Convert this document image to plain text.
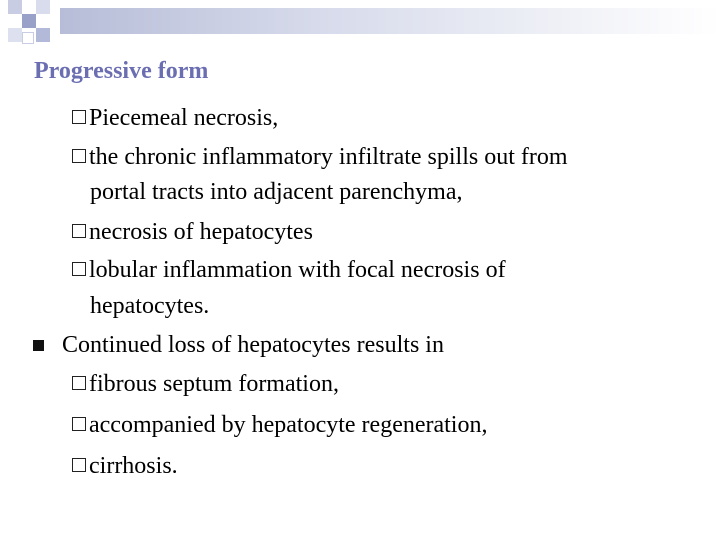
Progressive form
Piecemeal necrosis,
the chronic inflammatory infiltrate spills out from
portal tracts into adjacent parenchyma,
necrosis of hepatocytes
lobular inflammation with focal necrosis of
hepatocytes.
Continued loss of hepatocytes results in
fibrous septum formation,
accompanied by hepatocyte regeneration,
cirrhosis.
